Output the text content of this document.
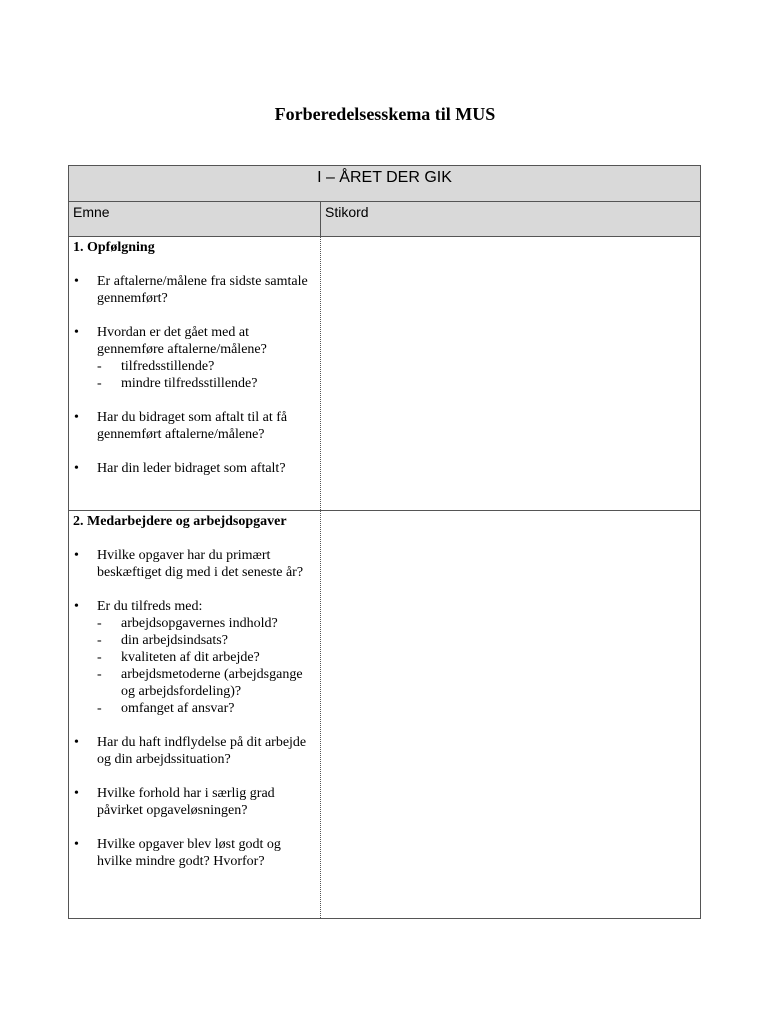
Forberedelsesskema til MUS
I – ÅRET DER GIK
Emne	Stikord
1. Opfølgning
• Er aftalerne/målene fra sidste samtale gennemført?
• Hvordan er det gået med at gennemføre aftalerne/målene?
- tilfredsstillende?
- mindre tilfredsstillende?
• Har du bidraget som aftalt til at få gennemført aftalerne/målene?
• Har din leder bidraget som aftalt?
2. Medarbejdere og arbejdsopgaver
• Hvilke opgaver har du primært beskæftiget dig med i det seneste år?
• Er du tilfreds med:
- arbejdsopgavernes indhold?
- din arbejdsindsats?
- kvaliteten af dit arbejde?
- arbejdsmetoderne (arbejdsgange og arbejdsfordeling)?
- omfanget af ansvar?
• Har du haft indflydelse på dit arbejde og din arbejdssituation?
• Hvilke forhold har i særlig grad påvirket opgaveløsningen?
• Hvilke opgaver blev løst godt og hvilke mindre godt? Hvorfor?
